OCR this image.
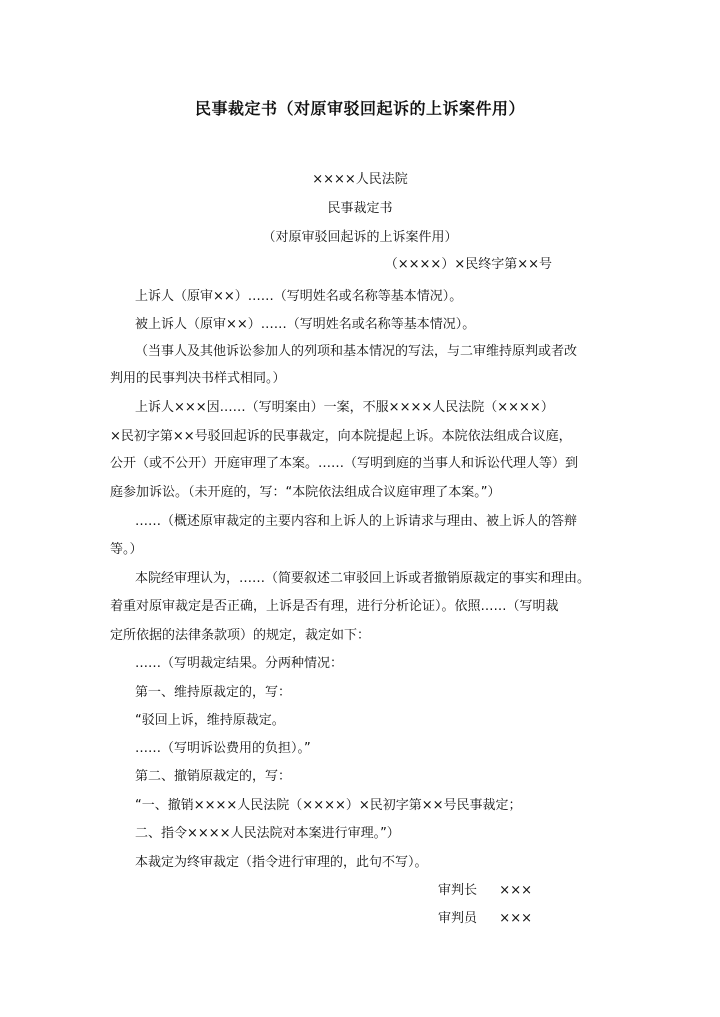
民事裁定书（对原审驳回起诉的上诉案件用）
××××人民法院
民事裁定书
（对原审驳回起诉的上诉案件用）
（××××）×民终字第××号
上诉人（原审××）……（写明姓名或名称等基本情况）。
被上诉人（原审××）……（写明姓名或名称等基本情况）。
（当事人及其他诉讼参加人的列项和基本情况的写法，与二审维持原判或者改
判用的民事判决书样式相同。）
上诉人×××因……（写明案由）一案，不服××××人民法院（××××）
×民初字第××号驳回起诉的民事裁定，向本院提起上诉。本院依法组成合议庭，
公开（或不公开）开庭审理了本案。……（写明到庭的当事人和诉讼代理人等）到
庭参加诉讼。（未开庭的，写：“本院依法组成合议庭审理了本案。”）
……（概述原审裁定的主要内容和上诉人的上诉请求与理由、被上诉人的答辩
等。）
本院经审理认为，……（简要叙述二审驳回上诉或者撤销原裁定的事实和理由。
着重对原审裁定是否正确，上诉是否有理，进行分析论证）。依照……（写明裁
定所依据的法律条款项）的规定，裁定如下：
……（写明裁定结果。分两种情况：
第一、维持原裁定的，写：
“驳回上诉，维持原裁定。
……（写明诉讼费用的负担）。”
第二、撤销原裁定的，写：
“一、撤销××××人民法院（××××）×民初字第××号民事裁定；
二、指令××××人民法院对本案进行审理。”）
本裁定为终审裁定（指令进行审理的，此句不写）。
审判长 ×××
审判员 ×××
